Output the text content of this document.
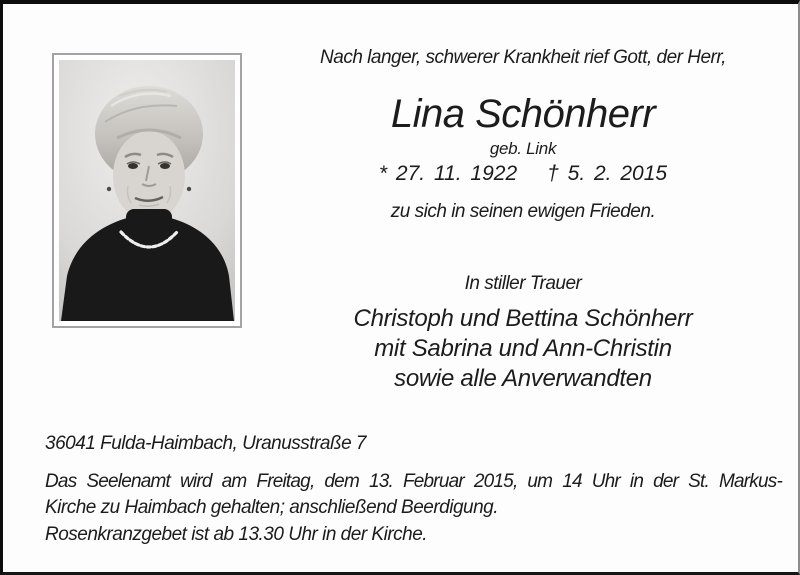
Nach langer, schwerer Krankheit rief Gott, der Herr,
Lina Schönherr
geb. Link
* 27. 11. 1922 † 5. 2. 2015
zu sich in seinen ewigen Frieden.
In stiller Trauer
Christoph und Bettina Schönherr
mit Sabrina und Ann-Christin
sowie alle Anverwandten
36041 Fulda-Haimbach, Uranusstraße 7
Das Seelenamt wird am Freitag, dem 13. Februar 2015, um 14 Uhr in der St. Markus-
Kirche zu Haimbach gehalten; anschließend Beerdigung.
Rosenkranzgebet ist ab 13.30 Uhr in der Kirche.
